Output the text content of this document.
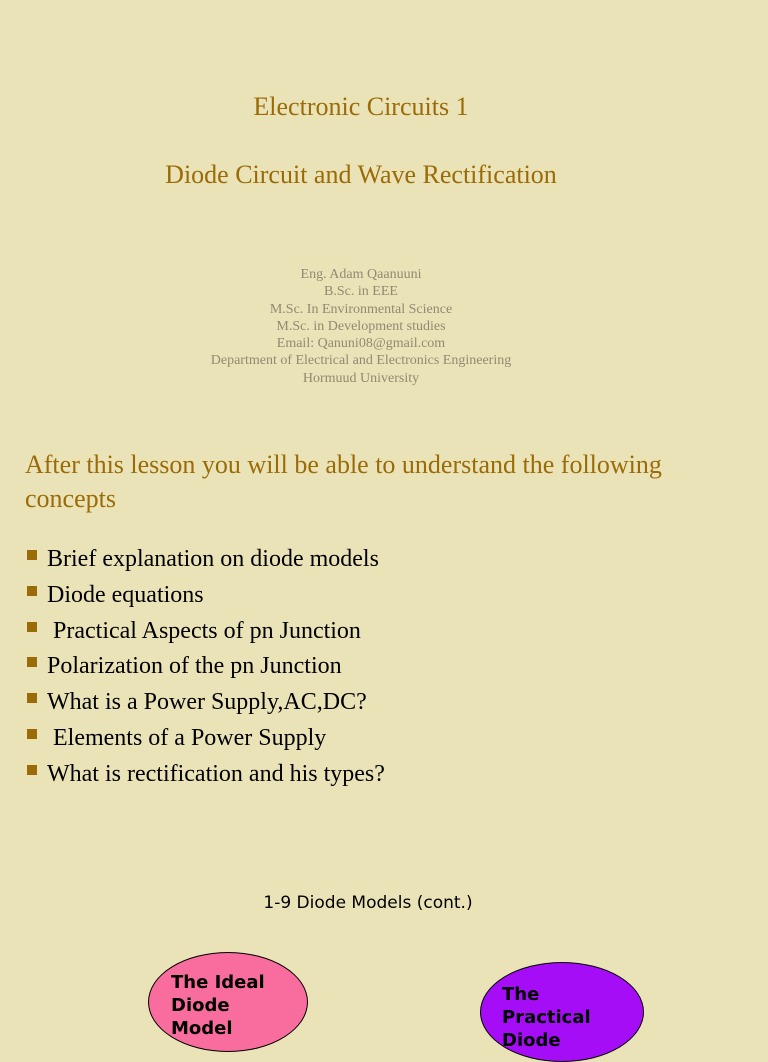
Electronic Circuits 1
Diode Circuit and Wave Rectification
Eng. Adam Qaanuuni
B.Sc. in EEE
M.Sc. In Environmental Science
M.Sc. in Development studies
Email: Qanuni08@gmail.com
Department of Electrical and Electronics Engineering
Hormuud University
After this lesson you will be able to understand the following concepts

Brief explanation on diode models

Diode equations

Practical Aspects of pn Junction

Polarization of the pn Junction

What is a Power Supply,AC,DC?

Elements of a Power Supply

What is rectification and his types?

1-9 Diode Models (cont.)
The Ideal
Diode
Model
The
Practical
Diode
